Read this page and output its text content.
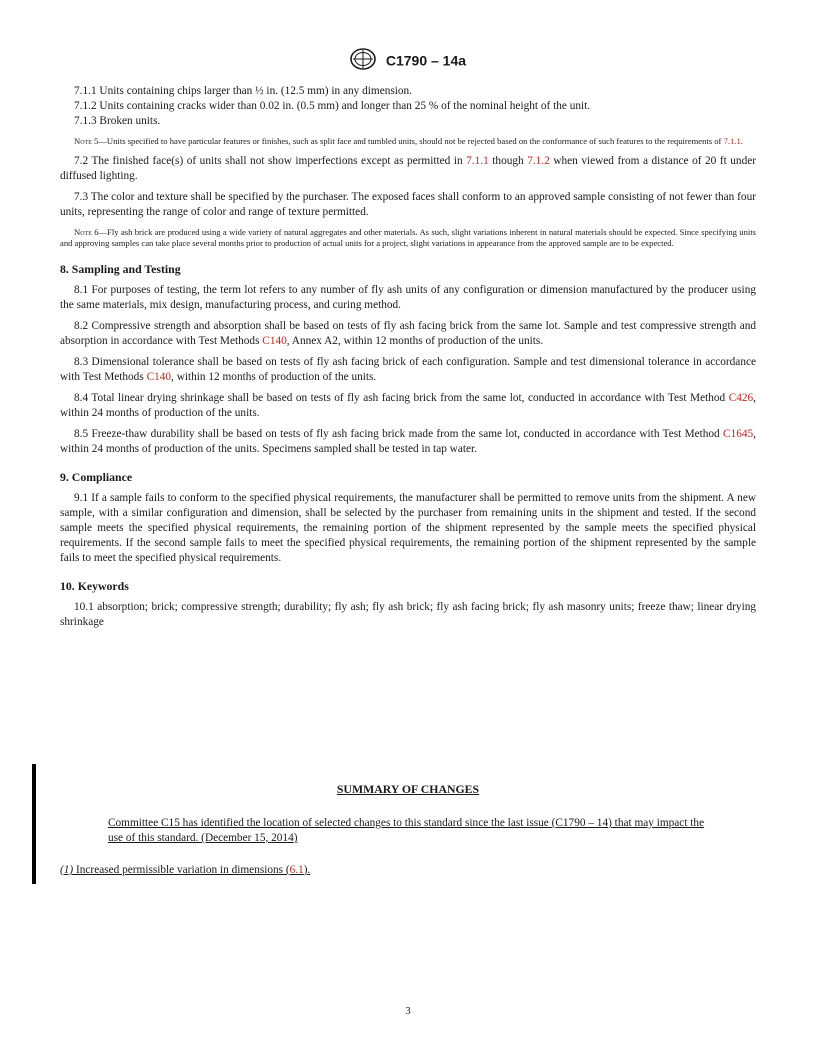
C1790 – 14a

7.1.1 Units containing chips larger than ½ in. (12.5 mm) in any dimension.

7.1.2 Units containing cracks wider than 0.02 in. (0.5 mm) and longer than 25 % of the nominal height of the unit.

7.1.3 Broken units.

Note 5—Units specified to have particular features or finishes, such as split face and tumbled units, should not be rejected based on the conformance of such features to the requirements of 7.1.1.

7.2 The finished face(s) of units shall not show imperfections except as permitted in 7.1.1 though 7.1.2 when viewed from a distance of 20 ft under diffused lighting.

7.3 The color and texture shall be specified by the purchaser. The exposed faces shall conform to an approved sample consisting of not fewer than four units, representing the range of color and range of texture permitted.

Note 6—Fly ash brick are produced using a wide variety of natural aggregates and other materials. As such, slight variations inherent in natural materials should be expected. Since specifying units and approving samples can take place several months prior to production of actual units for a project, slight variations in appearance from the approved sample are to be expected.

8. Sampling and Testing

8.1 For purposes of testing, the term lot refers to any number of fly ash units of any configuration or dimension manufactured by the producer using the same materials, mix design, manufacturing process, and curing method.

8.2 Compressive strength and absorption shall be based on tests of fly ash facing brick from the same lot. Sample and test compressive strength and absorption in accordance with Test Methods C140, Annex A2, within 12 months of production of the units.

8.3 Dimensional tolerance shall be based on tests of fly ash facing brick of each configuration. Sample and test dimensional tolerance in accordance with Test Methods C140, within 12 months of production of the units.

8.4 Total linear drying shrinkage shall be based on tests of fly ash facing brick from the same lot, conducted in accordance with Test Method C426, within 24 months of production of the units.

8.5 Freeze-thaw durability shall be based on tests of fly ash facing brick made from the same lot, conducted in accordance with Test Method C1645, within 24 months of production of the units. Specimens sampled shall be tested in tap water.

9. Compliance

9.1 If a sample fails to conform to the specified physical requirements, the manufacturer shall be permitted to remove units from the shipment. A new sample, with a similar configuration and dimension, shall be selected by the purchaser from remaining units in the shipment and tested. If the second sample meets the specified physical requirements, the remaining portion of the shipment represented by the sample meets the specified physical requirements. If the second sample fails to meet the specified physical requirements, the remaining portion of the shipment represented by the sample fails to meet the specified physical requirements.

10. Keywords

10.1 absorption; brick; compressive strength; durability; fly ash; fly ash brick; fly ash facing brick; fly ash masonry units; freeze thaw; linear drying shrinkage

SUMMARY OF CHANGES
Committee C15 has identified the location of selected changes to this standard since the last issue (C1790 – 14) that may impact the use of this standard. (December 15, 2014)
(1) Increased permissible variation in dimensions (6.1).
3
